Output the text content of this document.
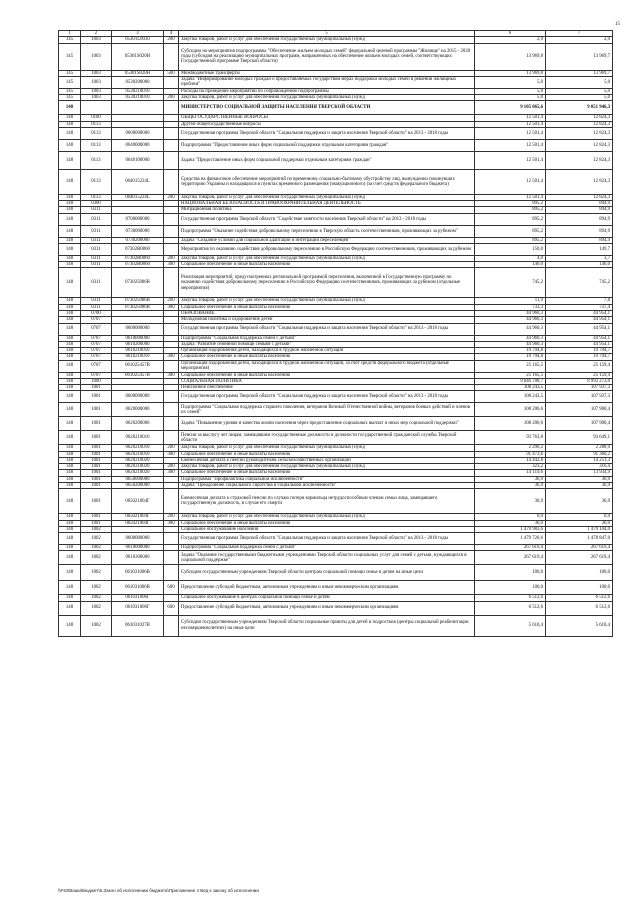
15
1	2	3	4	5	6	7
145	1003	05301L0030	200	Закупка товаров, работ и услуг для обеспечения государственных (муниципальных) нужд	2,9	2,9
145	1003	05301S020Н		Субсидии на мероприятия подпрограммы "Обеспечение жильем молодых семей" федеральной целевой программы "Жилище" на 2015 - 2020 годы (субсидия на реализацию муниципальных программ, направленных на обеспечение жильем молодых семей, соответствующих Государственной программе Тверской области)	13 969,8	13 969,7
145	1003	05301S020Н	500	Межбюджетные трансферты	13 969,8	13 969,7
145	1003	0530200000		Задача "Информирование молодых граждан о предоставляемых государством мерах поддержки молодых семей в решении жилищных проблем"	5,0	5,0
145	1003	0530210010		Расходы на проведение мероприятий по сопровождению подпрограммы	5,0	5,0
145	1003	0530210010	200	Закупка товаров, работ и услуг для обеспечения государственных (муниципальных) нужд	5,0	5,0
148				МИНИСТЕРСТВО СОЦИАЛЬНОЙ ЗАЩИТЫ НАСЕЛЕНИЯ ТВЕРСКОЙ ОБЛАСТИ	9 105 065,6	9 051 946,3
148	0100			ОБЩЕГОСУДАРСТВЕННЫЕ ВОПРОСЫ	12 501,4	12 824,3
148	0113			Другие общегосударственные вопросы	12 501,4	12 824,3
148	0113	0600000000		Государственная программа Тверской области "Социальная поддержка и защита населения Тверской области" на 2013 - 2018 годы	12 501,4	12 824,3
148	0113	0640000000		Подпрограмма "Предоставление иных форм социальной поддержки отдельным категориям граждан"	12 501,4	12 824,3
148	0113	0640100000		Задача "Предоставление иных форм социальной поддержки отдельным категориям граждан"	12 501,4	12 824,3
148	0113	064015224L		Средства на финансовое обеспечение мероприятий по временному социально-бытовому обустройству лиц, вынужденно покинувших территорию Украины и находящихся в пунктах временного размещения (эвакуационного) (за счет средств федерального бюджета)	12 501,4	12 824,3
148	0113	064015224L	200	Закупка товаров, работ и услуг для обеспечения государственных (муниципальных) нужд	12 501,4	12 824,3
148	0300			НАЦИОНАЛЬНАЯ БЕЗОПАСНОСТЬ И ПРАВООХРАНИТЕЛЬНАЯ ДЕЯТЕЛЬНОСТЬ	895,2	894,9
148	0311			Миграционная политика	895,2	894,9
148	0311	0700000000		Государственная программа Тверской области "Содействие занятости населения Тверской области" на 2013 - 2018 годы	895,2	894,9
148	0311	0730000000		Подпрограмма "Оказание содействия добровольному переселению в Тверскую область соотечественников, проживающих за рубежом"	895,2	894,9
148	0311	0730200000		Задача "Создание условий для социальной адаптации и интеграции переселенцев"	895,2	894,9
148	0311	07302R0860		Мероприятия по оказанию содействия добровольному переселению в Российскую Федерацию соотечественников, проживающих за рубежом	150,0	149,7
148	0311	07302R0860	200	Закупка товаров, работ и услуг для обеспечения государственных (муниципальных) нужд	4,0	3,7
148	0311	07302R0860	300	Социальное обеспечение и иные выплаты населению	146,0	146,0
148	0311	073025086В		Реализация мероприятий, предусмотренных региональной программой переселения, включенной в Государственную программу по оказанию содействия добровольному переселению в Российскую Федерацию соотечественников, проживающих за рубежом (отдельные мероприятия)	745,2	745,2
148	0311	073025086В	200	Закупка товаров, работ и услуг для обеспечения государственных (муниципальных) нужд	11,9	7,8
148	0311	073025086В	300	Социальное обеспечение и иные выплаты населению	733,3	737,4
148	0700			ОБРАЗОВАНИЕ	44 960,3	44 954,1
148	0707			Молодежная политика и оздоровление детей	44 960,3	44 954,1
148	0707	0600000000		Государственная программа Тверской области "Социальная поддержка и защита населения Тверской области" на 2013 - 2018 годы	44 960,3	44 954,1
148	0707	0610000000		Подпрограмма "Социальная поддержка семей с детьми"	44 960,3	44 954,1
148	0707	0610200000		Задача "Развитие семейной помощи семьям с детьми"	44 960,3	44 954,1
148	0707	0610210010		Организация оздоровления детей, находящихся в трудной жизненной ситуации	19 794,8	19 794,7
148	0707	0610210010	300	Социальное обеспечение и иные выплаты населению	19 794,8	19 794,7
148	0707	061025457В		Организация оздоровления детей, находящихся в трудной жизненной ситуации, за счет средств федерального бюджета (отдельные мероприятия)	25 165,5	25 159,4
148	0707	061025457В	300	Социальное обеспечение и иные выплаты населению	25 165,5	25 159,4
148	1000			СОЦИАЛЬНАЯ ПОЛИТИКА	9 046 708,7	8 993 273,0
148	1001			Пенсионное обеспечение	108 243,5	107 937,3
148	1001	0600000000		Государственная программа Тверской области "Социальная поддержка и защита населения Тверской области" на 2013 - 2018 годы	108 243,5	107 937,3
148	1001	0620000000		Подпрограмма "Социальная поддержка старшего поколения, ветеранов Великой Отечественной войны, ветеранов боевых действий и членов их семей"	108 206,6	107 900,4
148	1001	0620200000		Задача "Повышение уровня и качества жизни населения через предоставление социальных выплат и иных мер социальной поддержки"	108 206,6	107 900,4
148	1001	0620210010		Пенсии за выслугу лет лицам, замещавшим государственные должности и должности государственной гражданской службы Тверской области	93 763,8	93 649,1
148	1001	0620210010	200	Закупка товаров, работ и услуг для обеспечения государственных (муниципальных) нужд	2 290,2	2 288,9
148	1001	0620210010	300	Социальное обеспечение и иные выплаты населению	91 473,6	91 360,2
148	1001	0620210020		Ежемесячная доплата к пенсии руководителям сельскохозяйственных организаций	14 442,8	14 251,3
148	1001	0620210020	200	Закупка товаров, работ и услуг для обеспечения государственных (муниципальных) нужд	323,2	316,4
148	1001	0620210020	300	Социальное обеспечение и иные выплаты населению	14 119,6	13 934,9
148	1001	0650000000		Подпрограмма "Профилактика социальной исключенности"	36,9	36,9
148	1001	0650200000		Задача "Преодоление социального сиротства и социальной исключенности"	36,9	36,9
148	1001	065021004Г		Ежемесячная доплата к страховой пенсии по случаю потери кормильца нетрудоспособным членам семьи лица, замещавшего государственную должность, в случае его смерти	36,9	36,9
148	1001	065021004Г	200	Закупка товаров, работ и услуг для обеспечения государственных (муниципальных) нужд	0,9	0,9
148	1001	065021004Г	300	Социальное обеспечение и иные выплаты населению	36,0	36,0
148	1002			Социальное обслуживание населения	1 479 983,6	1 479 104,0
148	1002	0600000000		Государственная программа Тверской области "Социальная поддержка и защита населения Тверской области" на 2013 - 2018 годы	1 479 726,6	1 478 847,0
148	1002	0610000000		Подпрограмма "Социальная поддержка семей с детьми"	267 619,4	267 619,4
148	1002	0610300000		Задача "Оказание государственными бюджетными учреждениями Тверской области социальных услуг для семей с детьми, нуждающихся в социальной поддержке"	267 619,4	267 619,4
148	1002	061031006В		Субсидии государственным учреждениям Тверской области центрам социальной помощи семье и детям на иные цели	100,0	100,0
148	1002	061031006В	600	Предоставление субсидий бюджетным, автономным учреждениям и иным некоммерческим организациям	100,0	100,0
148	1002	061031006Г		Социальное обслуживание в центрах социальной помощи семье и детям	6 512,6	6 512,6
148	1002	061031006Г	600	Предоставление субсидий бюджетным, автономным учреждениям и иным некоммерческим организациям	6 512,6	6 512,6
148	1002	061031027В		Субсидии государственным учреждениям Тверской области социальные приюты для детей и подростков (центры социальной реабилитации несовершеннолетних) на иные цели	5 610,4	5 610,4
\\Fs0\Ваши\Бюджет\6.Закон об исполнении бюджета\Приложение 4 Вед к закону об исполнении
